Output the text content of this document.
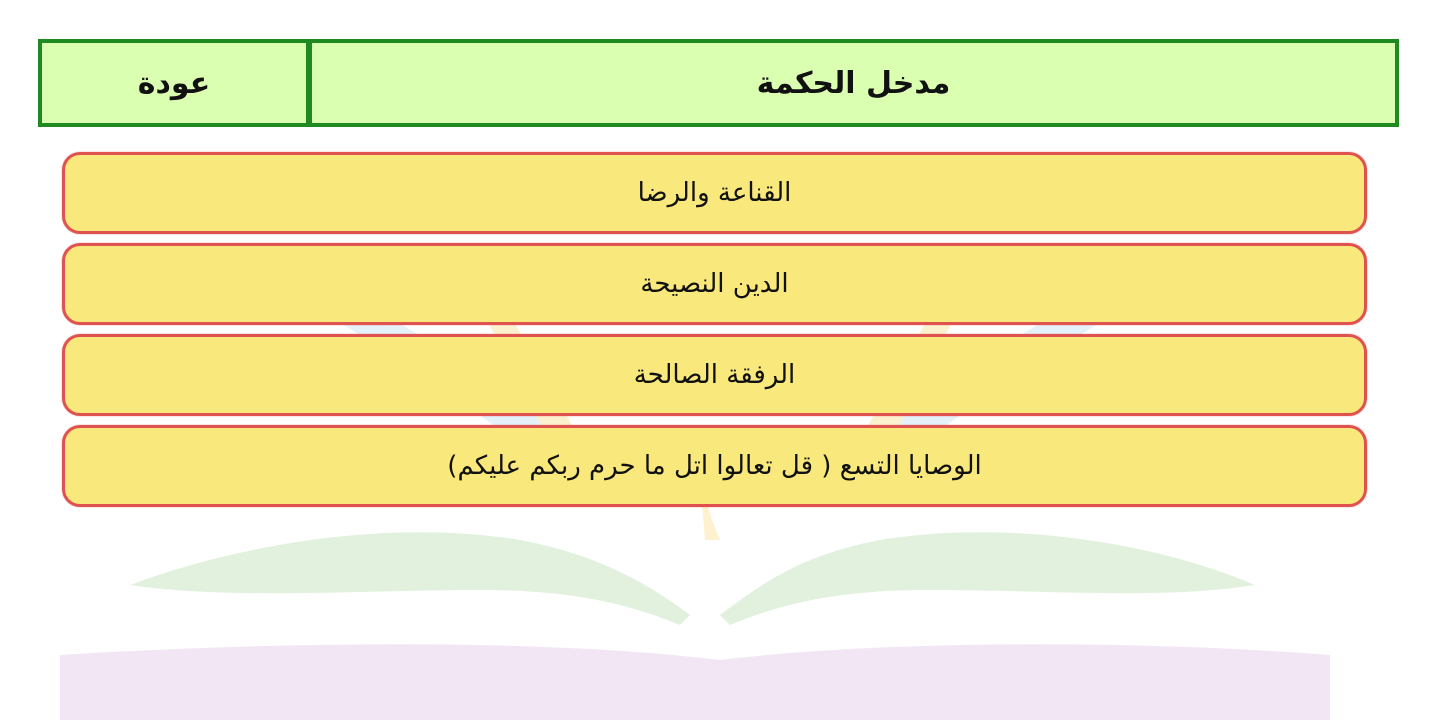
عودة	مدخل الحكمة
القناعة والرضا
الدين النصيحة
الرفقة الصالحة
الوصايا التسع ( قل تعالوا اتل ما حرم ربكم عليكم)
